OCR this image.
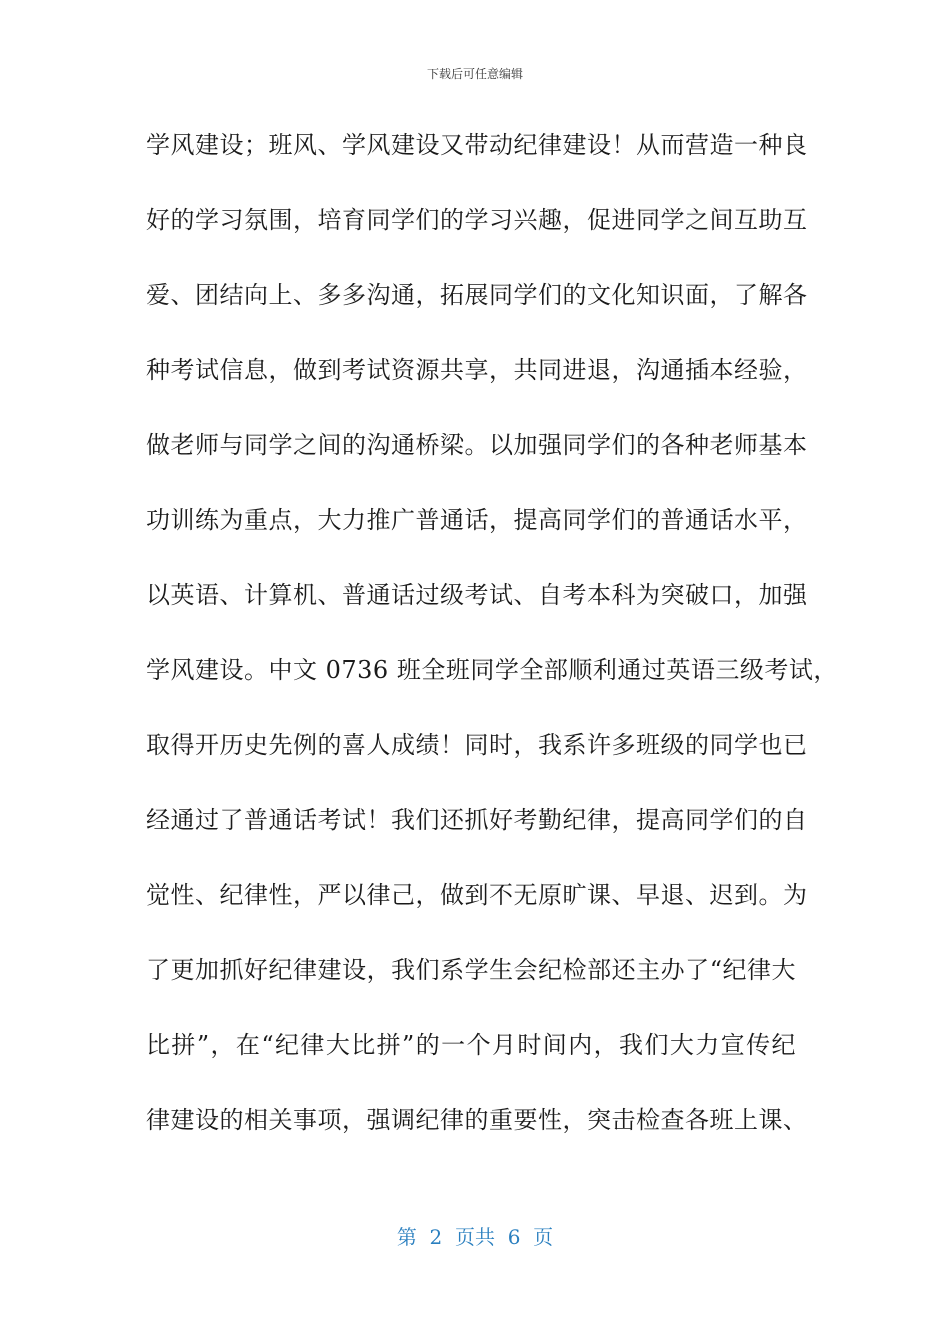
下载后可任意编辑
学风建设；班风、学风建设又带动纪律建设！从而营造一种良
好的学习氛围，培育同学们的学习兴趣，促进同学之间互助互
爱、团结向上、多多沟通，拓展同学们的文化知识面，了解各
种考试信息，做到考试资源共享，共同进退，沟通插本经验，
做老师与同学之间的沟通桥梁。以加强同学们的各种老师基本
功训练为重点，大力推广普通话，提高同学们的普通话水平，
以英语、计算机、普通话过级考试、自考本科为突破口，加强
学风建设。中文 0736 班全班同学全部顺利通过英语三级考试，
取得开历史先例的喜人成绩！同时，我系许多班级的同学也已
经通过了普通话考试！我们还抓好考勤纪律，提高同学们的自
觉性、纪律性，严以律己，做到不无原旷课、早退、迟到。为
了更加抓好纪律建设，我们系学生会纪检部还主办了“纪律大
比拼”，在“纪律大比拼”的一个月时间内，我们大力宣传纪
律建设的相关事项，强调纪律的重要性，突击检查各班上课、
第  2  页共  6  页
